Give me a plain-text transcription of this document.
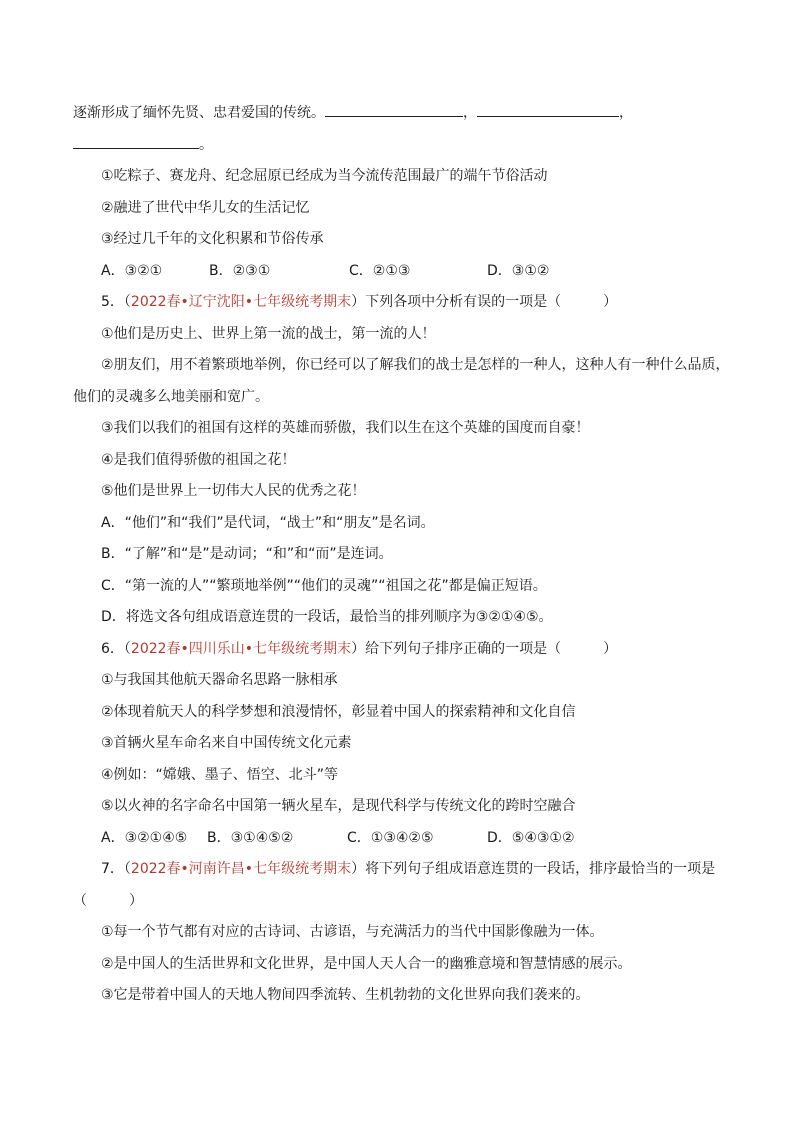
逐渐形成了缅怀先贤、忠君爱国的传统。	，	，
。
①吃粽子、赛龙舟、纪念屈原已经成为当今流传范围最广的端午节俗活动
②融进了世代中华儿女的生活记忆
③经过几千年的文化积累和节俗传承
A．③②①	B．②③①	C．②①③	D．③①②
5．（2022春•辽宁沈阳•七年级统考期末）下列各项中分析有误的一项是（　　　）
①他们是历史上、世界上第一流的战士，第一流的人！
②朋友们，用不着繁琐地举例，你已经可以了解我们的战士是怎样的一种人，这种人有一种什么品质，
他们的灵魂多么地美丽和宽广。
③我们以我们的祖国有这样的英雄而骄傲，我们以生在这个英雄的国度而自豪！
④是我们值得骄傲的祖国之花！
⑤他们是世界上一切伟大人民的优秀之花！
A．“他们”和“我们”是代词，“战士”和“朋友”是名词。
B．“了解”和“是”是动词；“和”和“而”是连词。
C．“第一流的人”“繁琐地举例”“他们的灵魂”“祖国之花”都是偏正短语。
D．将选文各句组成语意连贯的一段话，最恰当的排列顺序为③②①④⑤。
6．（2022春•四川乐山•七年级统考期末）给下列句子排序正确的一项是（　　　）
①与我国其他航天器命名思路一脉相承
②体现着航天人的科学梦想和浪漫情怀，彰显着中国人的探索精神和文化自信
③首辆火星车命名来自中国传统文化元素
④例如：“嫦娥、墨子、悟空、北斗”等
⑤以火神的名字命名中国第一辆火星车，是现代科学与传统文化的跨时空融合
A．③②①④⑤ B．③①④⑤②	C．①③④②⑤	D．⑤④③①②
7．（2022春•河南许昌•七年级统考期末）将下列句子组成语意连贯的一段话，排序最恰当的一项是
（　　　）
①每一个节气都有对应的古诗词、古谚语，与充满活力的当代中国影像融为一体。
②是中国人的生活世界和文化世界，是中国人天人合一的幽雅意境和智慧情感的展示。
③它是带着中国人的天地人物间四季流转、生机勃勃的文化世界向我们袭来的。
